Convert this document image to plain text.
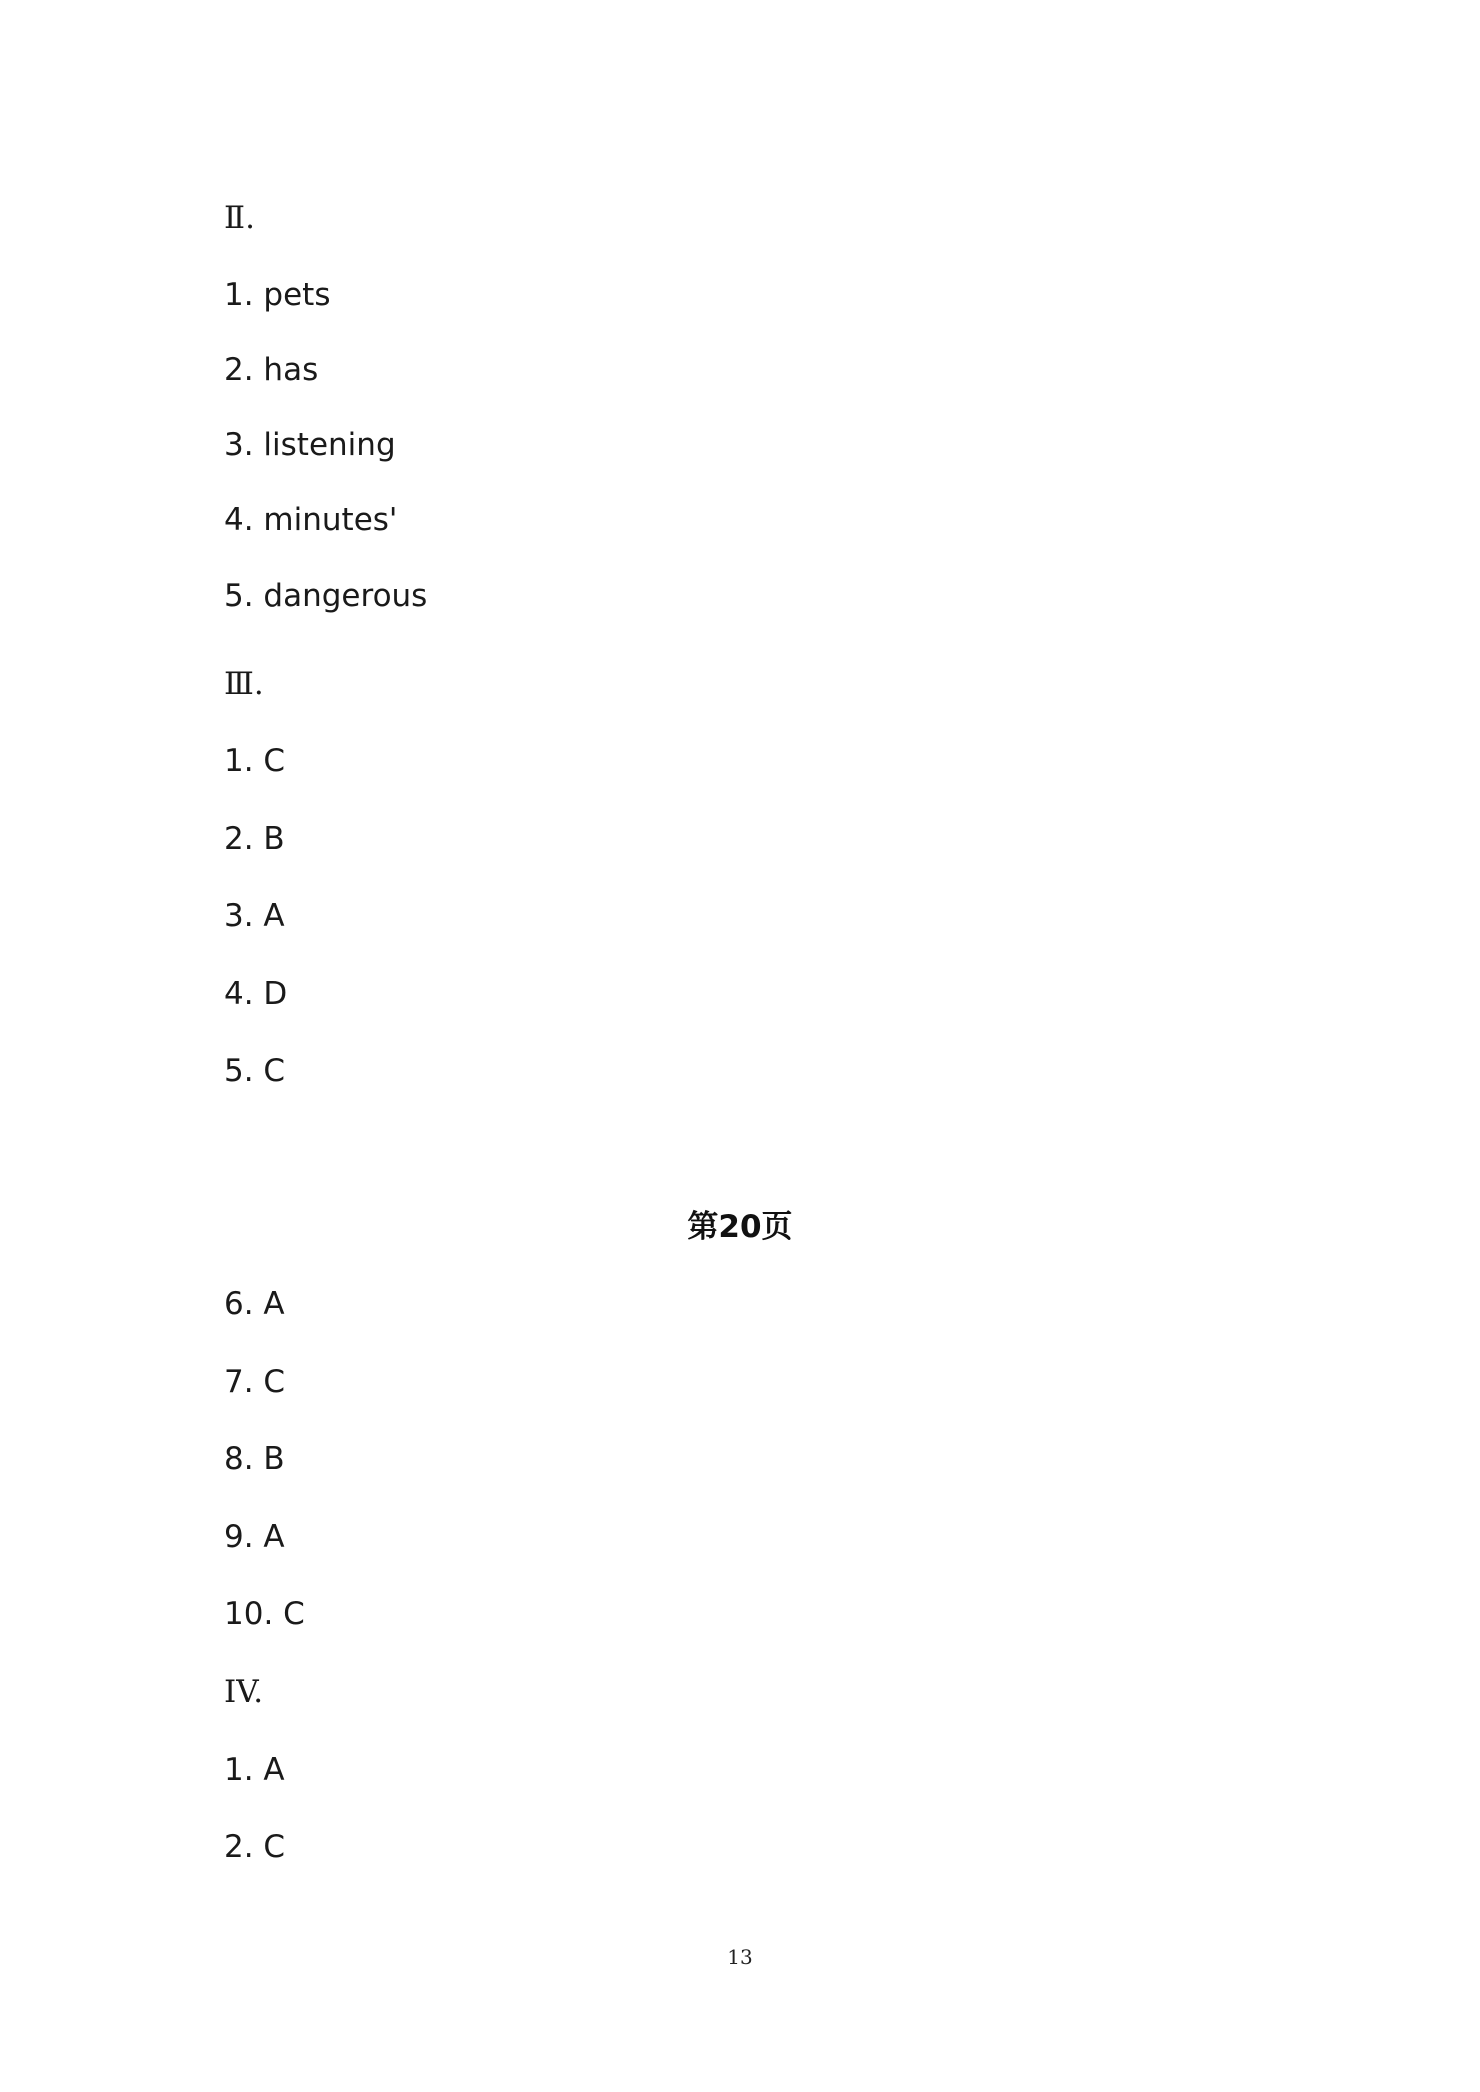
Ⅱ.
1. pets
2. has
3. listening
4. minutes'
5. dangerous
Ⅲ.
1. C
2. B
3. A
4. D
5. C
第20页
6. A
7. C
8. B
9. A
10. C
IV.
1. A
2. C
13
